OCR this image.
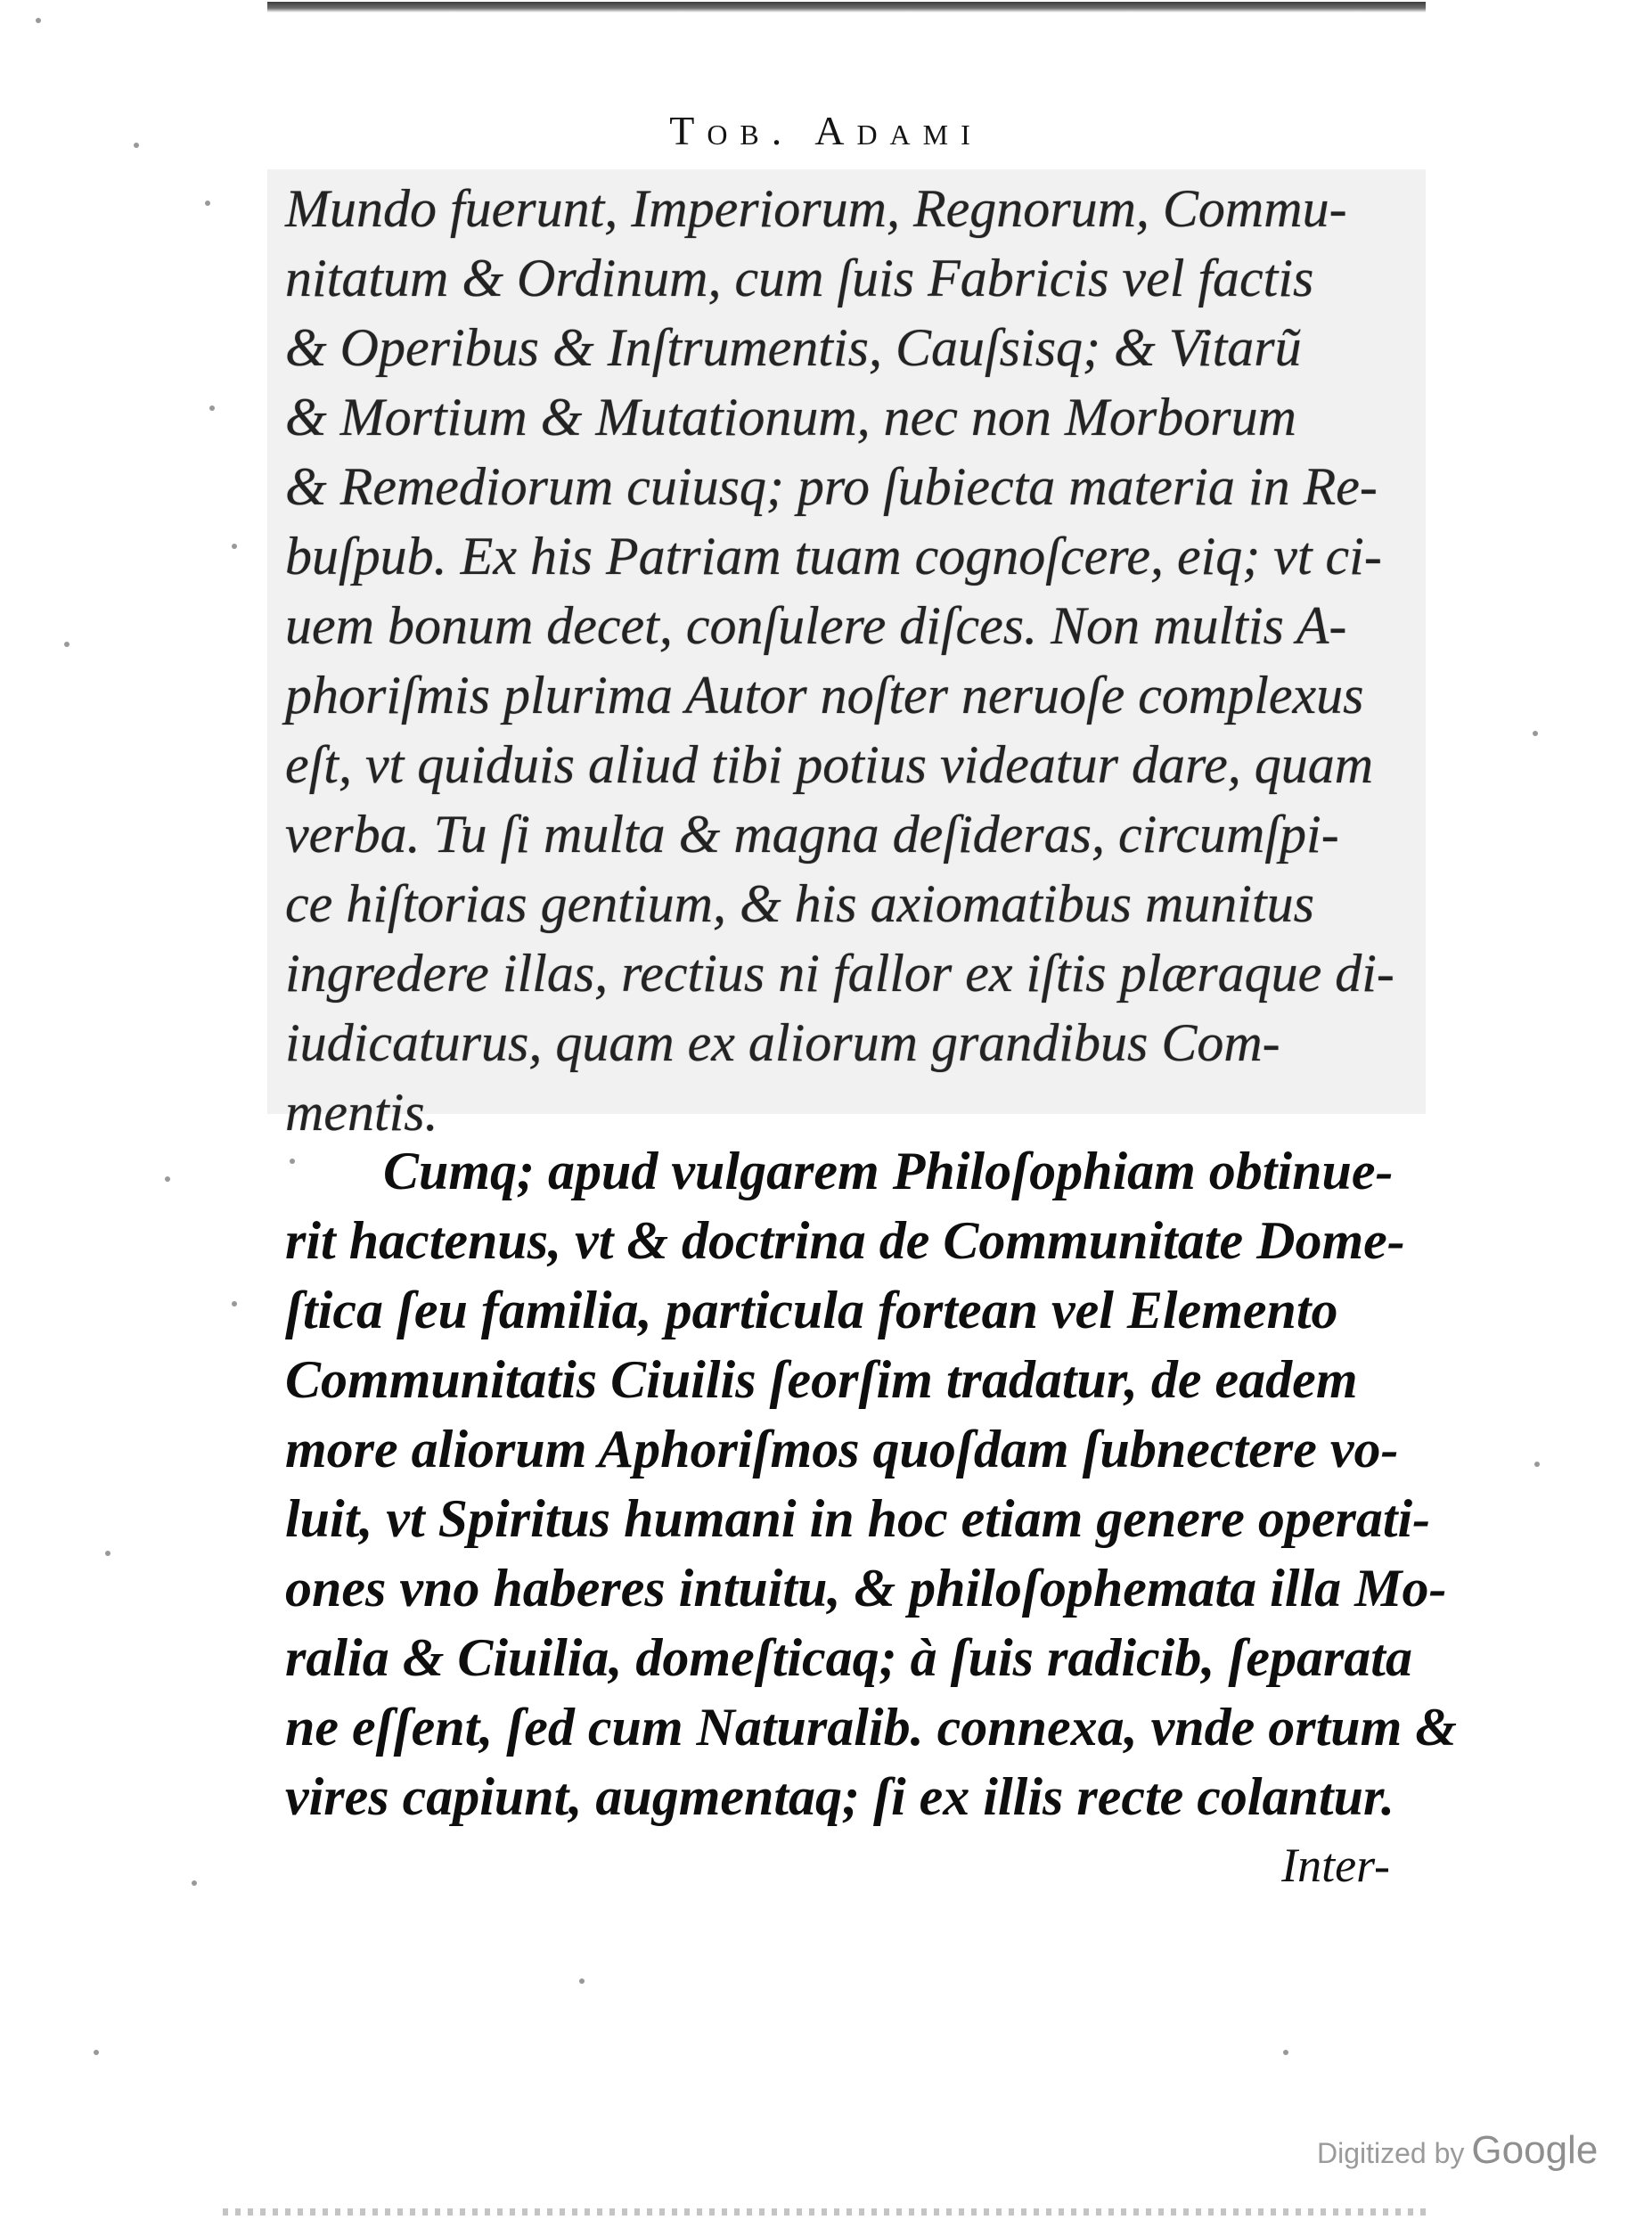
Tob. Adami
Mundo fuerunt, Imperiorum, Regnorum, Commu-
nitatum & Ordinum, cum ſuis Fabricis vel factis
& Operibus & Inſtrumentis, Cauſsisq; & Vitarũ
& Mortium & Mutationum, nec non Morborum
& Remediorum cuiusq; pro ſubiecta materia in Re-
buſpub. Ex his Patriam tuam cognoſcere, eiq; vt ci-
uem bonum decet, conſulere diſces. Non multis A-
phoriſmis plurima Autor noſter neruoſe complexus
eſt, vt quiduis aliud tibi potius videatur dare, quam
verba. Tu ſi multa & magna deſideras, circumſpi-
ce hiſtorias gentium, & his axiomatibus munitus
ingredere illas, rectius ni fallor ex iſtis plæraque di-
iudicaturus, quam ex aliorum grandibus Com-
mentis.
Cumq; apud vulgarem Philoſophiam obtinue-
rit hactenus, vt & doctrina de Communitate Dome-
ſtica ſeu familia, particula fortean vel Elemento
Communitatis Ciuilis ſeorſim tradatur, de eadem
more aliorum Aphoriſmos quoſdam ſubnectere vo-
luit, vt Spiritus humani in hoc etiam genere operati-
ones vno haberes intuitu, & philoſophemata illa Mo-
ralia & Ciuilia, domeſticaq; à ſuis radicib, ſeparata
ne eſſent, ſed cum Naturalib. connexa, vnde ortum &
vires capiunt, augmentaq; ſi ex illis recte colantur.
Inter-
Digitized by Google
